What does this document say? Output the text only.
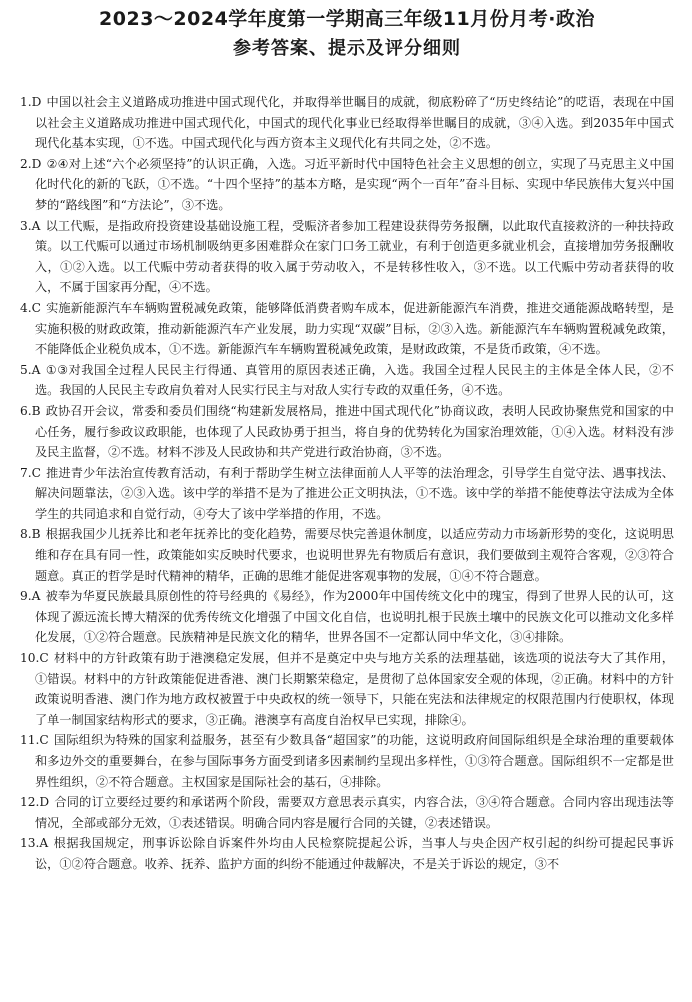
2023～2024学年度第一学期高三年级11月份月考·政治
参考答案、提示及评分细则
1.D 中国以社会主义道路成功推进中国式现代化，并取得举世瞩目的成就，彻底粉碎了“历史终结论”的呓语，表现在中国以社会主义道路成功推进中国式现代化，中国式的现代化事业已经取得举世瞩目的成就，③④入选。到2035年中国式现代化基本实现，①不选。中国式现代化与西方资本主义现代化有共同之处，②不选。
2.D ②④对上述“六个必须坚持”的认识正确，入选。习近平新时代中国特色社会主义思想的创立，实现了马克思主义中国化时代化的新的飞跃，①不选。“十四个坚持”的基本方略，是实现“两个一百年”奋斗目标、实现中华民族伟大复兴中国梦的“路线图”和“方法论”，③不选。
3.A 以工代赈，是指政府投资建设基础设施工程，受赈济者参加工程建设获得劳务报酬，以此取代直接救济的一种扶持政策。以工代赈可以通过市场机制吸纳更多困难群众在家门口务工就业，有利于创造更多就业机会，直接增加劳务报酬收入，①②入选。以工代赈中劳动者获得的收入属于劳动收入，不是转移性收入，③不选。以工代赈中劳动者获得的收入，不属于国家再分配，④不选。
4.C 实施新能源汽车车辆购置税减免政策，能够降低消费者购车成本，促进新能源汽车消费，推进交通能源战略转型，是实施积极的财政政策，推动新能源汽车产业发展，助力实现“双碳”目标，②③入选。新能源汽车车辆购置税减免政策，不能降低企业税负成本，①不选。新能源汽车车辆购置税减免政策，是财政政策，不是货币政策，④不选。
5.A ①③对我国全过程人民民主行得通、真管用的原因表述正确，入选。我国全过程人民民主的主体是全体人民，②不选。我国的人民民主专政肩负着对人民实行民主与对敌人实行专政的双重任务，④不选。
6.B 政协召开会议，常委和委员们围绕“构建新发展格局，推进中国式现代化”协商议政，表明人民政协聚焦党和国家的中心任务，履行参政议政职能，也体现了人民政协勇于担当，将自身的优势转化为国家治理效能，①④入选。材料没有涉及民主监督，②不选。材料不涉及人民政协和共产党进行政治协商，③不选。
7.C 推进青少年法治宣传教育活动，有利于帮助学生树立法律面前人人平等的法治理念，引导学生自觉守法、遇事找法、解决问题靠法，②③入选。该中学的举措不是为了推进公正文明执法，①不选。该中学的举措不能使尊法守法成为全体学生的共同追求和自觉行动，④夸大了该中学举措的作用，不选。
8.B 根据我国少儿抚养比和老年抚养比的变化趋势，需要尽快完善退休制度，以适应劳动力市场新形势的变化，这说明思维和存在具有同一性，政策能如实反映时代要求，也说明世界先有物质后有意识，我们要做到主观符合客观，②③符合题意。真正的哲学是时代精神的精华，正确的思维才能促进客观事物的发展，①④不符合题意。
9.A 被奉为华夏民族最具原创性的符号经典的《易经》，作为2000年中国传统文化中的瑰宝，得到了世界人民的认可，这体现了源远流长博大精深的优秀传统文化增强了中国文化自信，也说明扎根于民族土壤中的民族文化可以推动文化多样化发展，①②符合题意。民族精神是民族文化的精华，世界各国不一定都认同中华文化，③④排除。
10.C 材料中的方针政策有助于港澳稳定发展，但并不是奠定中央与地方关系的法理基础，该选项的说法夸大了其作用，①错误。材料中的方针政策能促进香港、澳门长期繁荣稳定，是贯彻了总体国家安全观的体现，②正确。材料中的方针政策说明香港、澳门作为地方政权被置于中央政权的统一领导下，只能在宪法和法律规定的权限范围内行使职权，体现了单一制国家结构形式的要求，③正确。港澳享有高度自治权早已实现，排除④。
11.C 国际组织为特殊的国家利益服务，甚至有少数具备“超国家”的功能，这说明政府间国际组织是全球治理的重要载体和多边外交的重要舞台，在参与国际事务方面受到诸多因素制约呈现出多样性，①③符合题意。国际组织不一定都是世界性组织，②不符合题意。主权国家是国际社会的基石，④排除。
12.D 合同的订立要经过要约和承诺两个阶段，需要双方意思表示真实，内容合法，③④符合题意。合同内容出现违法等情况，全部或部分无效，①表述错误。明确合同内容是履行合同的关键，②表述错误。
13.A 根据我国规定，刑事诉讼除自诉案件外均由人民检察院提起公诉，当事人与央企因产权引起的纠纷可提起民事诉讼，①②符合题意。收养、抚养、监护方面的纠纷不能通过仲裁解决，不是关于诉讼的规定，③不
